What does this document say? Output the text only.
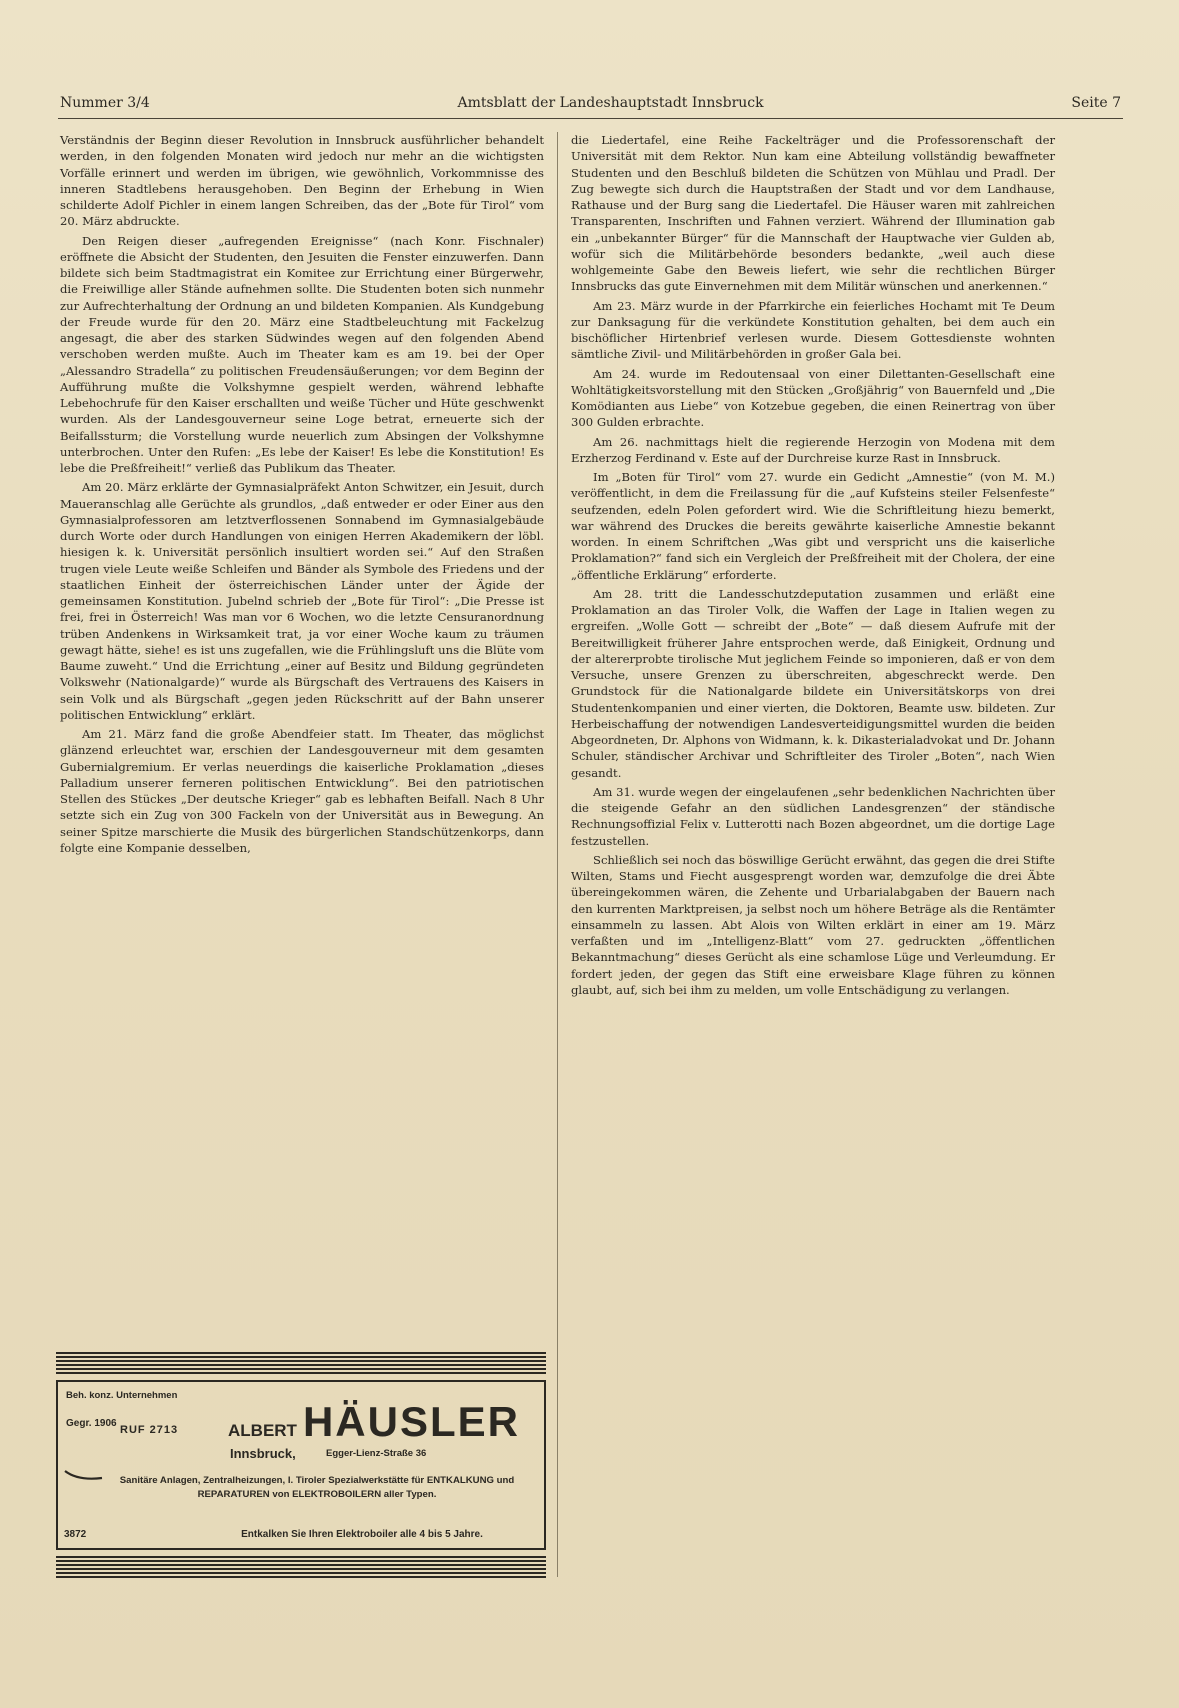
Nummer 3/4	Amtsblatt der Landeshauptstadt Innsbruck	Seite 7

Verständnis der Beginn dieser Revolution in Innsbruck ausführlicher behandelt werden, in den folgenden Monaten wird jedoch nur mehr an die wichtigsten Vorfälle erinnert und werden im übrigen, wie gewöhnlich, Vorkommnisse des inneren Stadtlebens herausgehoben. Den Beginn der Erhebung in Wien schilderte Adolf Pichler in einem langen Schreiben, das der „Bote für Tirol“ vom 20. März abdruckte.

Den Reigen dieser „aufregenden Ereignisse“ (nach Konr. Fischnaler) eröffnete die Absicht der Studenten, den Jesuiten die Fenster einzuwerfen. Dann bildete sich beim Stadtmagistrat ein Komitee zur Errichtung einer Bürgerwehr, die Freiwillige aller Stände aufnehmen sollte. Die Studenten boten sich nunmehr zur Aufrechterhaltung der Ordnung an und bildeten Kompanien. Als Kundgebung der Freude wurde für den 20. März eine Stadtbeleuchtung mit Fackelzug angesagt, die aber des starken Südwindes wegen auf den folgenden Abend verschoben werden mußte. Auch im Theater kam es am 19. bei der Oper „Alessandro Stradella“ zu politischen Freudensäußerungen; vor dem Beginn der Aufführung mußte die Volkshymne gespielt werden, während lebhafte Lebehochrufe für den Kaiser erschallten und weiße Tücher und Hüte geschwenkt wurden. Als der Landesgouverneur seine Loge betrat, erneuerte sich der Beifallssturm; die Vorstellung wurde neuerlich zum Absingen der Volkshymne unterbrochen. Unter den Rufen: „Es lebe der Kaiser! Es lebe die Konstitution! Es lebe die Preßfreiheit!“ verließ das Publikum das Theater.

Am 20. März erklärte der Gymnasialpräfekt Anton Schwitzer, ein Jesuit, durch Maueranschlag alle Gerüchte als grundlos, „daß entweder er oder Einer aus den Gymnasialprofessoren am letztverflossenen Sonnabend im Gymnasialgebäude durch Worte oder durch Handlungen von einigen Herren Akademikern der löbl. hiesigen k. k. Universität persönlich insultiert worden sei.“ Auf den Straßen trugen viele Leute weiße Schleifen und Bänder als Symbole des Friedens und der staatlichen Einheit der österreichischen Länder unter der Ägide der gemeinsamen Konstitution. Jubelnd schrieb der „Bote für Tirol“: „Die Presse ist frei, frei in Österreich! Was man vor 6 Wochen, wo die letzte Censuranordnung trüben Andenkens in Wirksamkeit trat, ja vor einer Woche kaum zu träumen gewagt hätte, siehe! es ist uns zugefallen, wie die Frühlingsluft uns die Blüte vom Baume zuweht.“ Und die Errichtung „einer auf Besitz und Bildung gegründeten Volkswehr (Nationalgarde)“ wurde als Bürgschaft des Vertrauens des Kaisers in sein Volk und als Bürgschaft „gegen jeden Rückschritt auf der Bahn unserer politischen Entwicklung“ erklärt.

Am 21. März fand die große Abendfeier statt. Im Theater, das möglichst glänzend erleuchtet war, erschien der Landesgouverneur mit dem gesamten Gubernialgremium. Er verlas neuerdings die kaiserliche Proklamation „dieses Palladium unserer ferneren politischen Entwicklung“. Bei den patriotischen Stellen des Stückes „Der deutsche Krieger“ gab es lebhaften Beifall. Nach 8 Uhr setzte sich ein Zug von 300 Fackeln von der Universität aus in Bewegung. An seiner Spitze marschierte die Musik des bürgerlichen Standschützenkorps, dann folgte eine Kompanie desselben,

die Liedertafel, eine Reihe Fackelträger und die Professorenschaft der Universität mit dem Rektor. Nun kam eine Abteilung vollständig bewaffneter Studenten und den Beschluß bildeten die Schützen von Mühlau und Pradl. Der Zug bewegte sich durch die Hauptstraßen der Stadt und vor dem Landhause, Rathause und der Burg sang die Liedertafel. Die Häuser waren mit zahlreichen Transparenten, Inschriften und Fahnen verziert. Während der Illumination gab ein „unbekannter Bürger“ für die Mannschaft der Hauptwache vier Gulden ab, wofür sich die Militärbehörde besonders bedankte, „weil auch diese wohlgemeinte Gabe den Beweis liefert, wie sehr die rechtlichen Bürger Innsbrucks das gute Einvernehmen mit dem Militär wünschen und anerkennen.“

Am 23. März wurde in der Pfarrkirche ein feierliches Hochamt mit Te Deum zur Danksagung für die verkündete Konstitution gehalten, bei dem auch ein bischöflicher Hirtenbrief verlesen wurde. Diesem Gottesdienste wohnten sämtliche Zivil- und Militärbehörden in großer Gala bei.

Am 24. wurde im Redoutensaal von einer Dilettanten-Gesellschaft eine Wohltätigkeitsvorstellung mit den Stücken „Großjährig“ von Bauernfeld und „Die Komödianten aus Liebe“ von Kotzebue gegeben, die einen Reinertrag von über 300 Gulden erbrachte.

Am 26. nachmittags hielt die regierende Herzogin von Modena mit dem Erzherzog Ferdinand v. Este auf der Durchreise kurze Rast in Innsbruck.

Im „Boten für Tirol“ vom 27. wurde ein Gedicht „Amnestie“ (von M. M.) veröffentlicht, in dem die Freilassung für die „auf Kufsteins steiler Felsenfeste“ seufzenden, edeln Polen gefordert wird. Wie die Schriftleitung hiezu bemerkt, war während des Druckes die bereits gewährte kaiserliche Amnestie bekannt worden. In einem Schriftchen „Was gibt und verspricht uns die kaiserliche Proklamation?“ fand sich ein Vergleich der Preßfreiheit mit der Cholera, der eine „öffentliche Erklärung“ erforderte.

Am 28. tritt die Landesschutzdeputation zusammen und erläßt eine Proklamation an das Tiroler Volk, die Waffen der Lage in Italien wegen zu ergreifen. „Wolle Gott — schreibt der „Bote“ — daß diesem Aufrufe mit der Bereitwilligkeit früherer Jahre entsprochen werde, daß Einigkeit, Ordnung und der altererprobte tirolische Mut jeglichem Feinde so imponieren, daß er von dem Versuche, unsere Grenzen zu überschreiten, abgeschreckt werde. Den Grundstock für die Nationalgarde bildete ein Universitätskorps von drei Studentenkompanien und einer vierten, die Doktoren, Beamte usw. bildeten. Zur Herbeischaffung der notwendigen Landesverteidigungsmittel wurden die beiden Abgeordneten, Dr. Alphons von Widmann, k. k. Dikasterialadvokat und Dr. Johann Schuler, ständischer Archivar und Schriftleiter des Tiroler „Boten“, nach Wien gesandt.

Am 31. wurde wegen der eingelaufenen „sehr bedenklichen Nachrichten über die steigende Gefahr an den südlichen Landesgrenzen“ der ständische Rechnungsoffizial Felix v. Lutterotti nach Bozen abgeordnet, um die dortige Lage festzustellen.

Schließlich sei noch das böswillige Gerücht erwähnt, das gegen die drei Stifte Wilten, Stams und Fiecht ausgesprengt worden war, demzufolge die drei Äbte übereingekommen wären, die Zehente und Urbarialabgaben der Bauern nach den kurrenten Marktpreisen, ja selbst noch um höhere Beträge als die Rentämter einsammeln zu lassen. Abt Alois von Wilten erklärt in einer am 19. März verfaßten und im „Intelligenz-Blatt“ vom 27. gedruckten „öffentlichen Bekanntmachung“ dieses Gerücht als eine schamlose Lüge und Verleumdung. Er fordert jeden, der gegen das Stift eine erweisbare Klage führen zu können glaubt, auf, sich bei ihm zu melden, um volle Entschädigung zu verlangen.

Beh. konz. Unternehmen
Gegr. 1906
RUF 2713	ALBERT HÄUSLER
Innsbruck,	Egger-Lienz-Straße 36
Sanitäre Anlagen, Zentralheizungen, I. Tiroler Spezialwerkstätte für ENTKALKUNG und REPARATUREN von ELEKTROBOILERN aller Typen.
3872	Entkalken Sie Ihren Elektroboiler alle 4 bis 5 Jahre.
